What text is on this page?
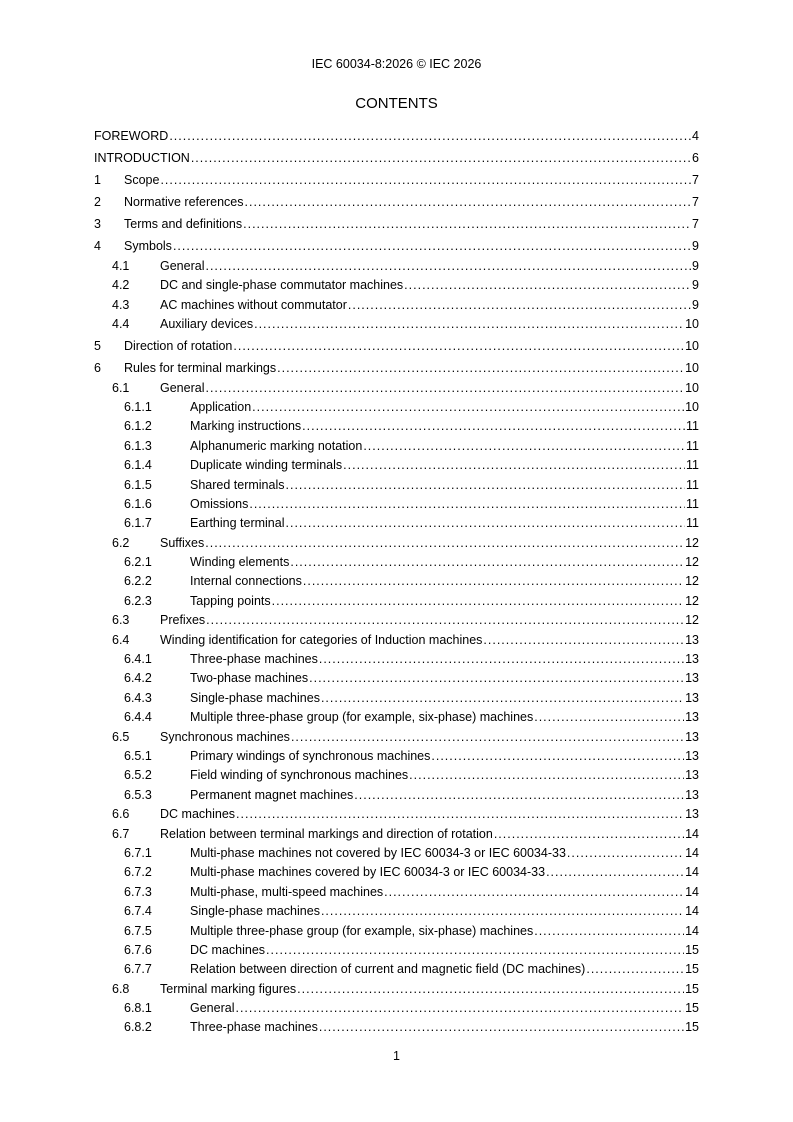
IEC 60034-8:2026 © IEC 2026
CONTENTS
FOREWORD .....	4
INTRODUCTION .....	6
1	Scope .....	7
2	Normative references .....	7
3	Terms and definitions .....	7
4	Symbols .....	9
4.1	General .....	9
4.2	DC and single-phase commutator machines .....	9
4.3	AC machines without commutator .....	9
4.4	Auxiliary devices .....	10
5	Direction of rotation .....	10
6	Rules for terminal markings .....	10
6.1	General .....	10
6.1.1	Application .....	10
6.1.2	Marking instructions .....	11
6.1.3	Alphanumeric marking notation .....	11
6.1.4	Duplicate winding terminals .....	11
6.1.5	Shared terminals .....	11
6.1.6	Omissions .....	11
6.1.7	Earthing terminal .....	11
6.2	Suffixes .....	12
6.2.1	Winding elements .....	12
6.2.2	Internal connections .....	12
6.2.3	Tapping points .....	12
6.3	Prefixes .....	12
6.4	Winding identification for categories of Induction machines .....	13
6.4.1	Three-phase machines .....	13
6.4.2	Two-phase machines .....	13
6.4.3	Single-phase machines .....	13
6.4.4	Multiple three-phase group (for example, six-phase) machines .....	13
6.5	Synchronous machines .....	13
6.5.1	Primary windings of synchronous machines .....	13
6.5.2	Field winding of synchronous machines .....	13
6.5.3	Permanent magnet machines .....	13
6.6	DC machines .....	13
6.7	Relation between terminal markings and direction of rotation .....	14
6.7.1	Multi-phase machines not covered by IEC 60034-3 or IEC 60034-33 .....	14
6.7.2	Multi-phase machines covered by IEC 60034-3 or IEC 60034-33 .....	14
6.7.3	Multi-phase, multi-speed machines .....	14
6.7.4	Single-phase machines .....	14
6.7.5	Multiple three-phase group (for example, six-phase) machines .....	14
6.7.6	DC machines .....	15
6.7.7	Relation between direction of current and magnetic field (DC machines) .....	15
6.8	Terminal marking figures .....	15
6.8.1	General .....	15
6.8.2	Three-phase machines .....	15
1
